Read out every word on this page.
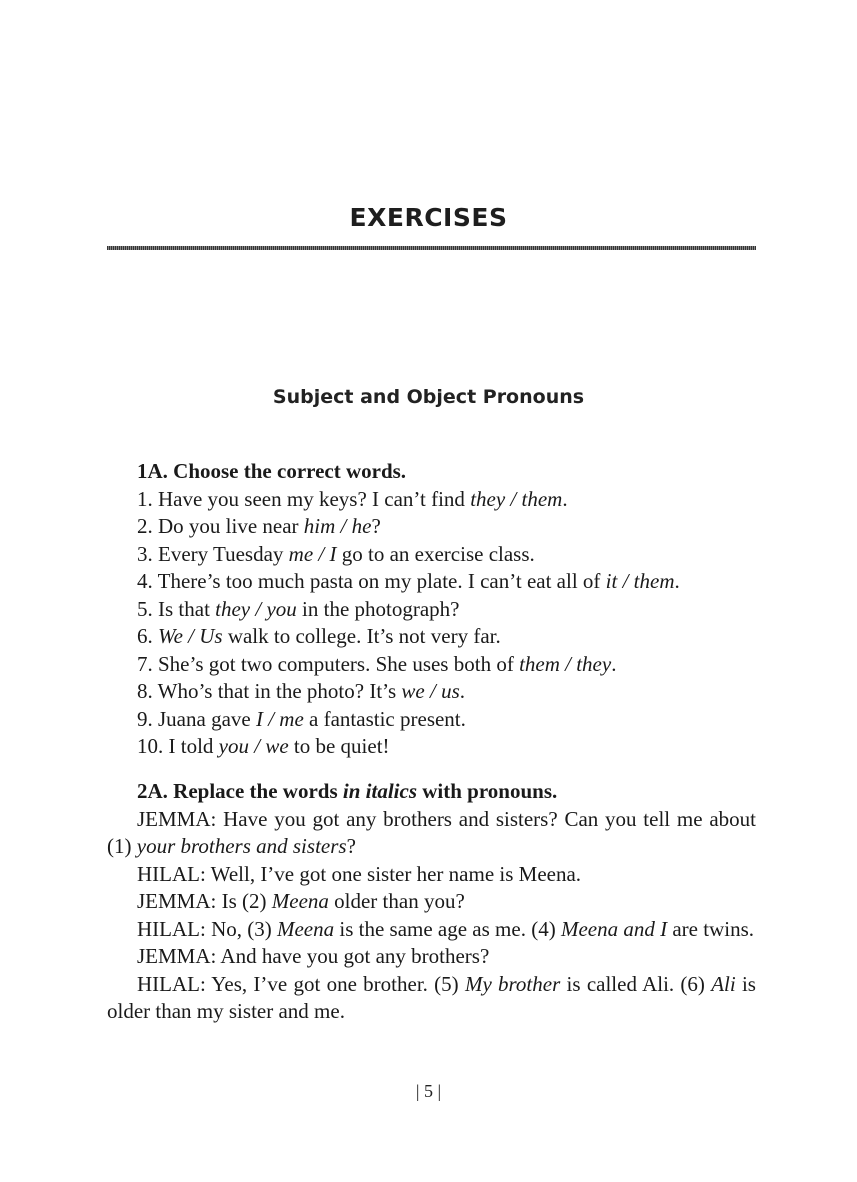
EXERCISES
Subject and Object Pronouns

1A. Choose the correct words.

1. Have you seen my keys? I can’t find they / them.

2. Do you live near him / he?

3. Every Tuesday me / I go to an exercise class.

4. There’s too much pasta on my plate. I can’t eat all of it / them.

5. Is that they / you in the photograph?

6. We / Us walk to college. It’s not very far.

7. She’s got two computers. She uses both of them / they.

8. Who’s that in the photo? It’s we / us.

9. Juana gave I / me a fantastic present.

10. I told you / we to be quiet!

2A. Replace the words in italics with pronouns.

JEMMA: Have you got any brothers and sisters? Can you tell me about (1) your brothers and sisters?

HILAL: Well, I’ve got one sister her name is Meena.

JEMMA: Is (2) Meena older than you?

HILAL: No, (3) Meena is the same age as me. (4) Meena and I are twins.

JEMMA: And have you got any brothers?

HILAL: Yes, I’ve got one brother. (5) My brother is called Ali. (6) Ali is older than my sister and me.

| 5 |
